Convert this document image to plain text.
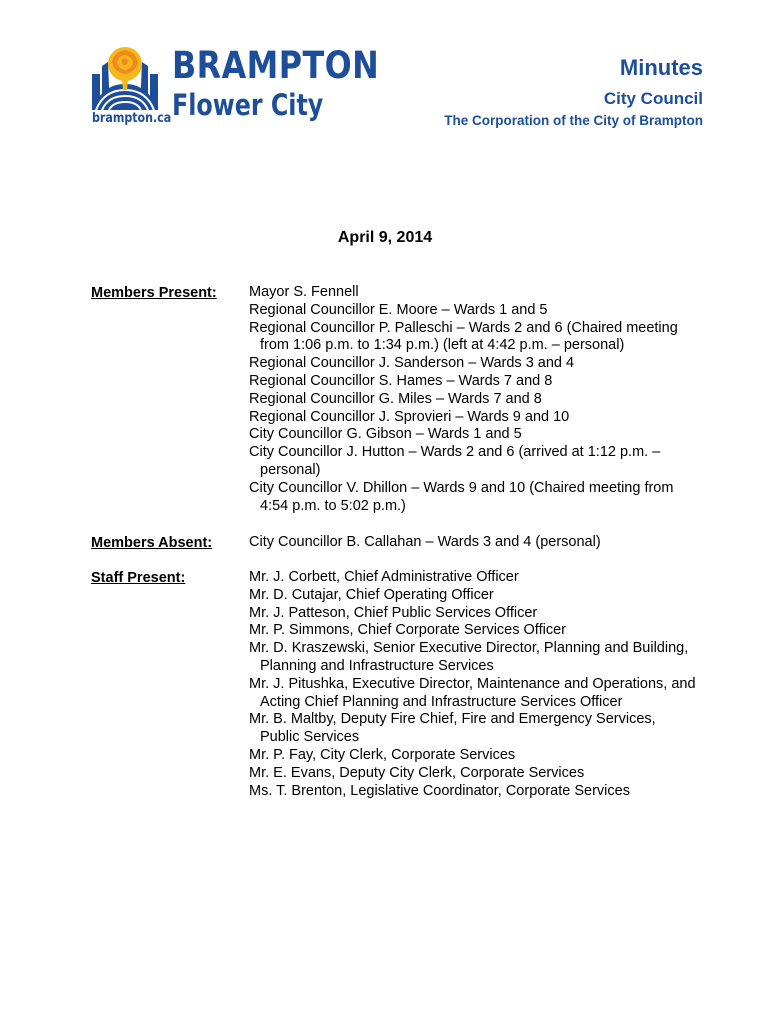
BRAMPTON
Flower City
brampton.ca
Minutes
City Council
The Corporation of the City of Brampton
April 9, 2014
Members Present: Mayor S. Fennell
Regional Councillor E. Moore – Wards 1 and 5
Regional Councillor P. Palleschi – Wards 2 and 6 (Chaired meeting from 1:06 p.m. to 1:34 p.m.) (left at 4:42 p.m. – personal)
Regional Councillor J. Sanderson – Wards 3 and 4
Regional Councillor S. Hames – Wards 7 and 8
Regional Councillor G. Miles – Wards 7 and 8
Regional Councillor J. Sprovieri – Wards 9 and 10
City Councillor G. Gibson – Wards 1 and 5
City Councillor J. Hutton – Wards 2 and 6 (arrived at 1:12 p.m. – personal)
City Councillor V. Dhillon – Wards 9 and 10 (Chaired meeting from 4:54 p.m. to 5:02 p.m.)
Members Absent:	City Councillor B. Callahan – Wards 3 and 4 (personal)
Staff Present:	Mr. J. Corbett, Chief Administrative Officer
Mr. D. Cutajar, Chief Operating Officer
Mr. J. Patteson, Chief Public Services Officer
Mr. P. Simmons, Chief Corporate Services Officer
Mr. D. Kraszewski, Senior Executive Director, Planning and Building, Planning and Infrastructure Services
Mr. J. Pitushka, Executive Director, Maintenance and Operations, and Acting Chief Planning and Infrastructure Services Officer
Mr. B. Maltby, Deputy Fire Chief, Fire and Emergency Services, Public Services
Mr. P. Fay, City Clerk, Corporate Services
Mr. E. Evans, Deputy City Clerk, Corporate Services
Ms. T. Brenton, Legislative Coordinator, Corporate Services
